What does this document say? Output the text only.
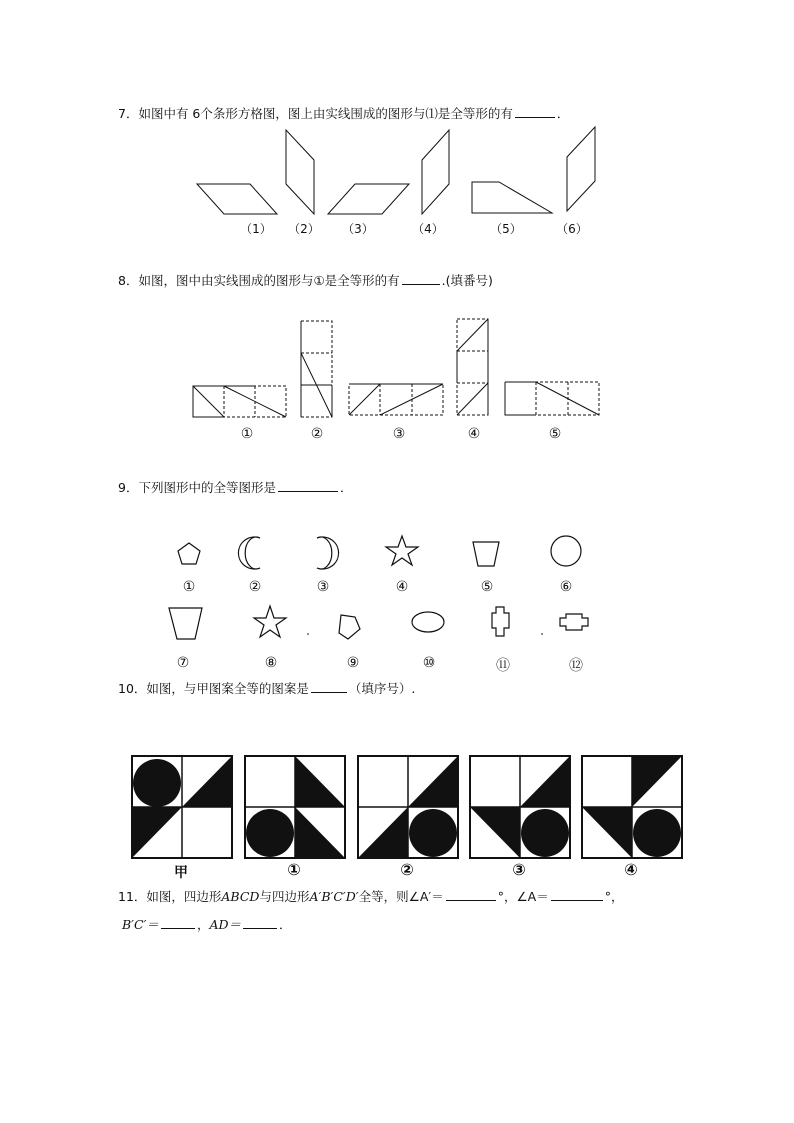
7．如图中有 6个条形方格图，图上由实线围成的图形与⑴是全等形的有	．
（1）	（2）	（3）	（4）	（5）	（6）
8．如图，图中由实线围成的图形与①是全等形的有	.(填番号)
①	②	③	④	⑤
9．下列图形中的全等图形是	．
①	②	③	④	⑤	⑥
⑦	⑧	⑨	⑩	⑪	⑫
10．如图，与甲图案全等的图案是	（填序号）.
甲	①	②	③	④
11．如图，四边形ABCD与四边形A′B′C′D′全等，则∠A′＝	°，∠A＝	°，
B′C′＝	，AD＝	．
